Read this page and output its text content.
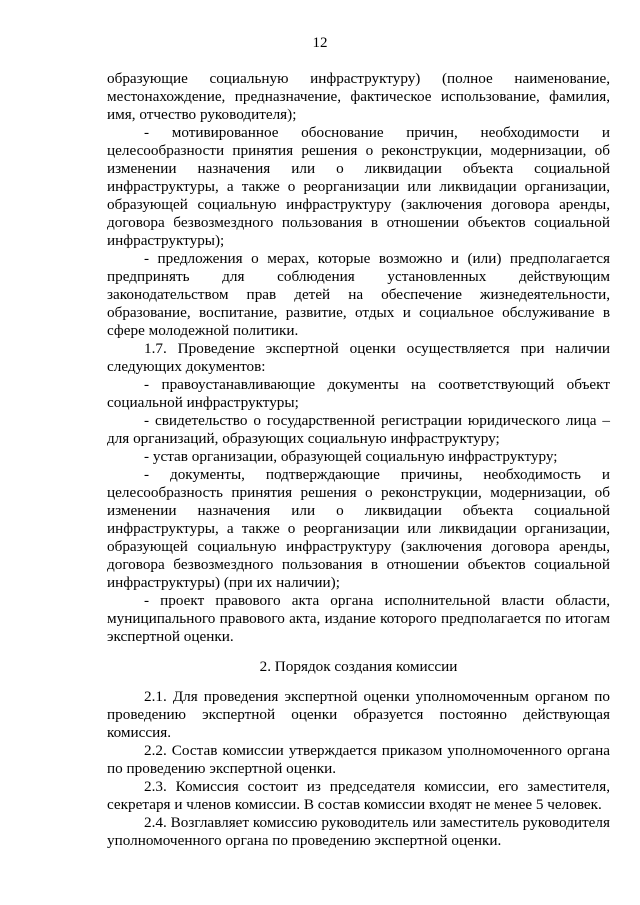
12

образующие социальную инфраструктуру) (полное наименование, местонахождение, предназначение, фактическое использование, фамилия, имя, отчество руководителя);

- мотивированное обоснование причин, необходимости и целесообразности принятия решения о реконструкции, модернизации, об изменении назначения или о ликвидации объекта социальной инфраструктуры, а также о реорганизации или ликвидации организации, образующей социальную инфраструктуру (заключения договора аренды, договора безвозмездного пользования в отношении объектов социальной инфраструктуры);

- предложения о мерах, которые возможно и (или) предполагается предпринять для соблюдения установленных действующим законодательством прав детей на обеспечение жизнедеятельности, образование, воспитание, развитие, отдых и социальное обслуживание в сфере молодежной политики.

1.7. Проведение экспертной оценки осуществляется при наличии следующих документов:

- правоустанавливающие документы на соответствующий объект социальной инфраструктуры;

- свидетельство о государственной регистрации юридического лица – для организаций, образующих социальную инфраструктуру;

- устав организации, образующей социальную инфраструктуру;

- документы, подтверждающие причины, необходимость и целесообразность принятия решения о реконструкции, модернизации, об изменении назначения или о ликвидации объекта социальной инфраструктуры, а также о реорганизации или ликвидации организации, образующей социальную инфраструктуру (заключения договора аренды, договора безвозмездного пользования в отношении объектов социальной инфраструктуры) (при их наличии);

- проект правового акта органа исполнительной власти области, муниципального правового акта, издание которого предполагается по итогам экспертной оценки.

2. Порядок создания комиссии

2.1. Для проведения экспертной оценки уполномоченным органом по проведению экспертной оценки образуется постоянно действующая комиссия.

2.2. Состав комиссии утверждается приказом уполномоченного органа по проведению экспертной оценки.

2.3. Комиссия состоит из председателя комиссии, его заместителя, секретаря и членов комиссии. В состав комиссии входят не менее 5 человек.

2.4. Возглавляет комиссию руководитель или заместитель руководителя уполномоченного органа по проведению экспертной оценки.
